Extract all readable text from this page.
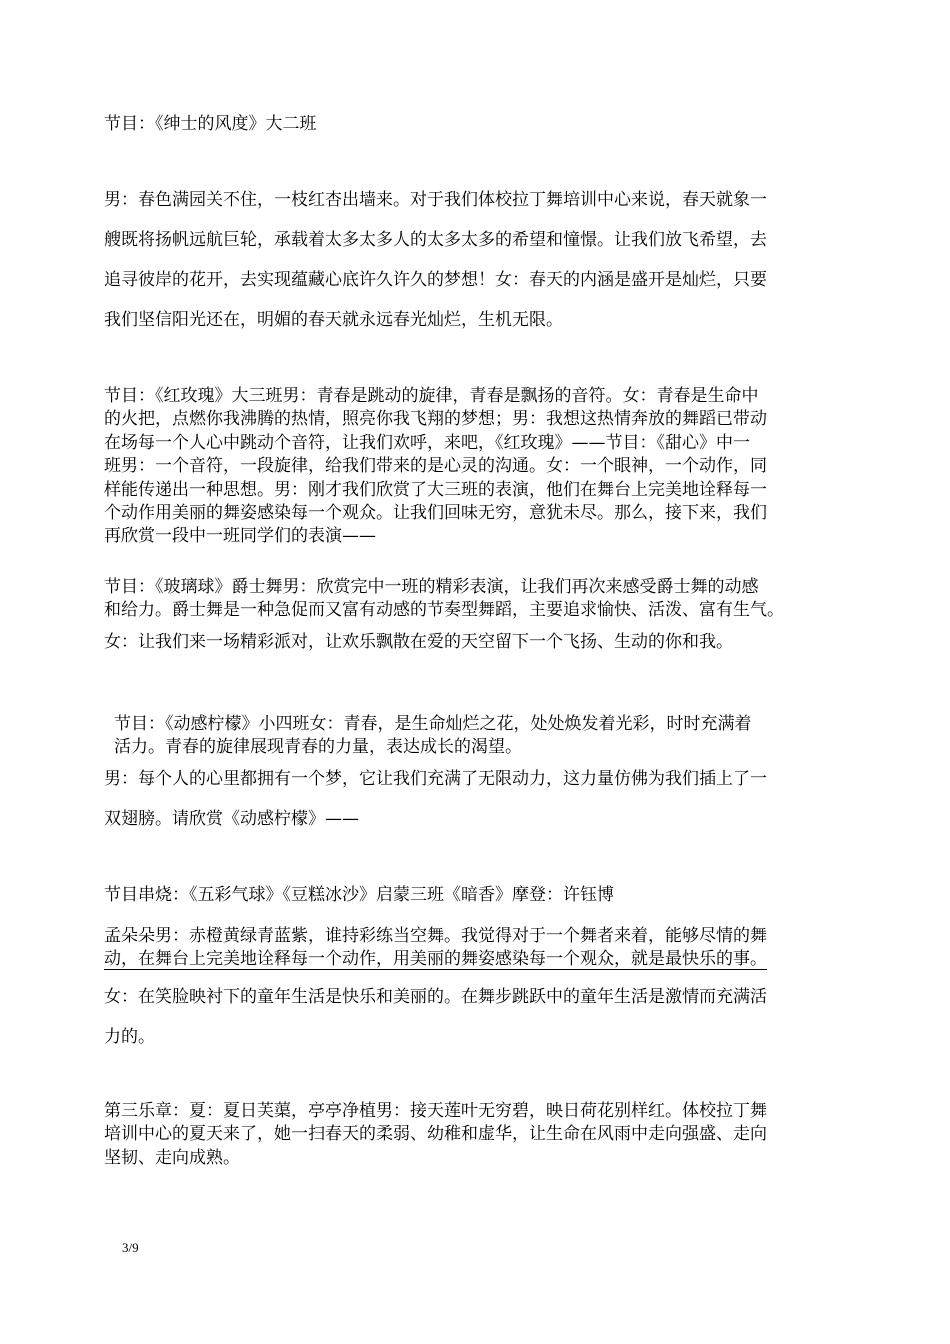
节目：《绅士的风度》大二班
男：春色满园关不住，一枝红杏出墙来。对于我们体校拉丁舞培训中心来说，春天就象一
艘既将扬帆远航巨轮，承载着太多太多人的太多太多的希望和憧憬。让我们放飞希望，去
追寻彼岸的花开，去实现蕴藏心底许久许久的梦想！女：春天的内涵是盛开是灿烂，只要
我们坚信阳光还在，明媚的春天就永远春光灿烂，生机无限。
节目：《红玫瑰》大三班男：青春是跳动的旋律，青春是飘扬的音符。女：青春是生命中
的火把，点燃你我沸腾的热情，照亮你我飞翔的梦想；男：我想这热情奔放的舞蹈已带动
在场每一个人心中跳动个音符，让我们欢呼，来吧，《红玫瑰》——节目：《甜心》中一
班男：一个音符，一段旋律，给我们带来的是心灵的沟通。女：一个眼神，一个动作，同
样能传递出一种思想。男：刚才我们欣赏了大三班的表演，他们在舞台上完美地诠释每一
个动作用美丽的舞姿感染每一个观众。让我们回味无穷，意犹未尽。那么，接下来，我们
再欣赏一段中一班同学们的表演——
节目：《玻璃球》爵士舞男：欣赏完中一班的精彩表演，让我们再次来感受爵士舞的动感
和给力。爵士舞是一种急促而又富有动感的节奏型舞蹈，主要追求愉快、活泼、富有生气。
女：让我们来一场精彩派对，让欢乐飘散在爱的天空留下一个飞扬、生动的你和我。
节目：《动感柠檬》小四班女：青春，是生命灿烂之花，处处焕发着光彩，时时充满着
活力。青春的旋律展现青春的力量，表达成长的渴望。
男：每个人的心里都拥有一个梦，它让我们充满了无限动力，这力量仿佛为我们插上了一
双翅膀。请欣赏《动感柠檬》——
节目串烧：《五彩气球》《豆糕冰沙》启蒙三班《暗香》摩登：许钰博
孟朵朵男：赤橙黄绿青蓝紫，谁持彩练当空舞。我觉得对于一个舞者来着，能够尽情的舞
动，在舞台上完美地诠释每一个动作，用美丽的舞姿感染每一个观众，就是最快乐的事。
女：在笑脸映衬下的童年生活是快乐和美丽的。在舞步跳跃中的童年生活是激情而充满活
力的。
第三乐章：夏：夏日芙蕖，亭亭净植男：接天莲叶无穷碧，映日荷花别样红。体校拉丁舞
培训中心的夏天来了，她一扫春天的柔弱、幼稚和虚华，让生命在风雨中走向强盛、走向
坚韧、走向成熟。
3/9
